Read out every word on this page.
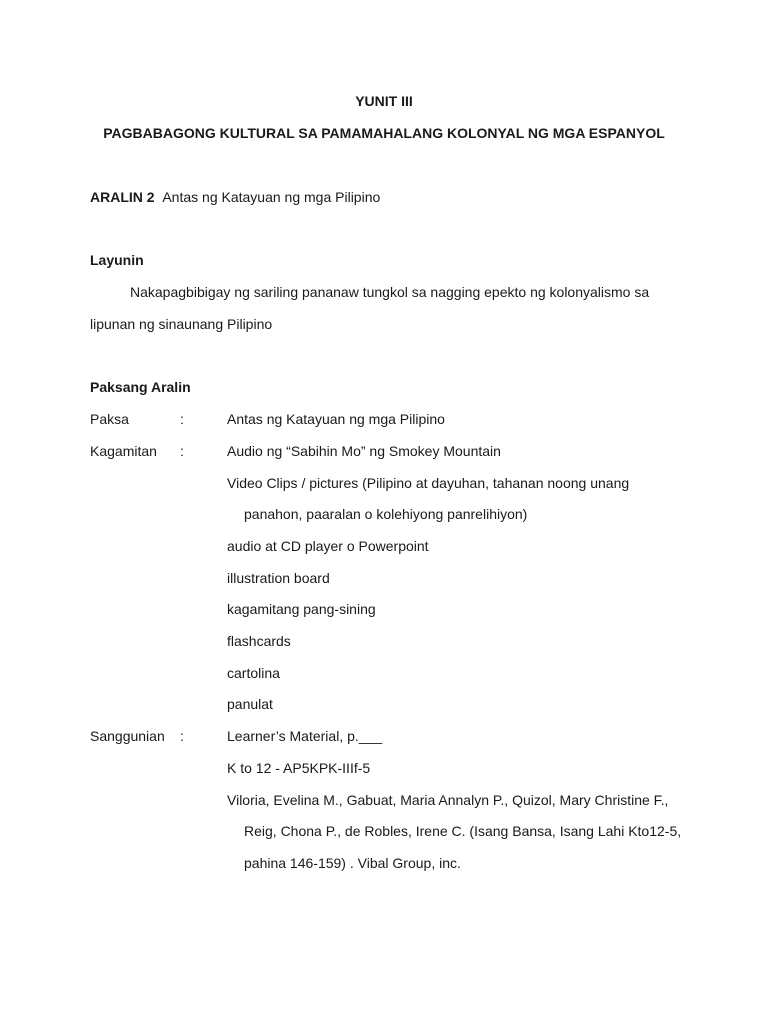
YUNIT III
PAGBABAGONG KULTURAL SA PAMAMAHALANG KOLONYAL NG MGA ESPANYOL
ARALIN 2 Antas ng Katayuan ng mga Pilipino
Layunin
Nakapagbibigay ng sariling pananaw tungkol sa nagging epekto ng kolonyalismo sa
lipunan ng sinaunang Pilipino
Paksang Aralin
Paksa	:	Antas ng Katayuan ng mga Pilipino
Kagamitan :	Audio ng “Sabihin Mo” ng Smokey Mountain
Video Clips / pictures (Pilipino at dayuhan, tahanan noong unang
panahon, paaralan o kolehiyong panrelihiyon)
audio at CD player o Powerpoint
illustration board
kagamitang pang-sining
flashcards
cartolina
panulat
Sanggunian :	Learner’s Material, p.___
K to 12 - AP5KPK-IIIf-5
Viloria, Evelina M., Gabuat, Maria Annalyn P., Quizol, Mary Christine F.,
Reig, Chona P., de Robles, Irene C. (Isang Bansa, Isang Lahi Kto12-5,
pahina 146-159) . Vibal Group, inc.
